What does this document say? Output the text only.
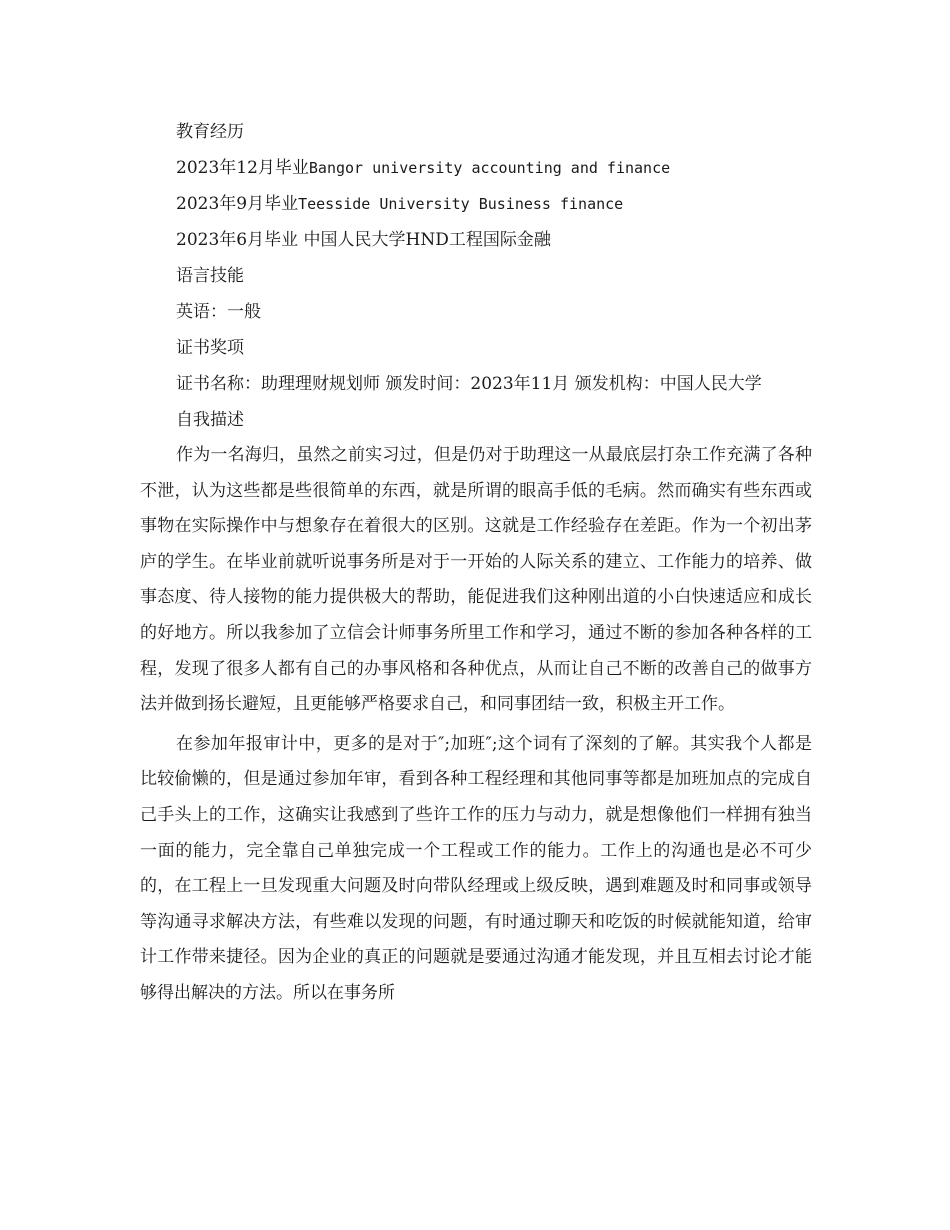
教育经历
2023年12月毕业Bangor university accounting and finance
2023年9月毕业Teesside University Business finance
2023年6月毕业 中国人民大学HND工程国际金融
语言技能
英语：一般
证书奖项

证书名称：助理理财规划师 颁发时间：2023年11月 颁发机构：中国人民大学

自我描述

作为一名海归，虽然之前实习过，但是仍对于助理这一从最底层打杂工作充满了各种不泄，认为这些都是些很简单的东西，就是所谓的眼高手低的毛病。然而确实有些东西或事物在实际操作中与想象存在着很大的区别。这就是工作经验存在差距。作为一个初出茅庐的学生。在毕业前就听说事务所是对于一开始的人际关系的建立、工作能力的培养、做事态度、待人接物的能力提供极大的帮助，能促进我们这种刚出道的小白快速适应和成长的好地方。所以我参加了立信会计师事务所里工作和学习，通过不断的参加各种各样的工程，发现了很多人都有自己的办事风格和各种优点，从而让自己不断的改善自己的做事方法并做到扬长避短，且更能够严格要求自己，和同事团结一致，积极主开工作。

在参加年报审计中，更多的是对于″;加班″;这个词有了深刻的了解。其实我个人都是比较偷懒的，但是通过参加年审，看到各种工程经理和其他同事等都是加班加点的完成自己手头上的工作，这确实让我感到了些许工作的压力与动力，就是想像他们一样拥有独当一面的能力，完全靠自己单独完成一个工程或工作的能力。工作上的沟通也是必不可少的，在工程上一旦发现重大问题及时向带队经理或上级反映，遇到难题及时和同事或领导等沟通寻求解决方法，有些难以发现的问题，有时通过聊天和吃饭的时候就能知道，给审计工作带来捷径。因为企业的真正的问题就是要通过沟通才能发现，并且互相去讨论才能够得出解决的方法。所以在事务所
